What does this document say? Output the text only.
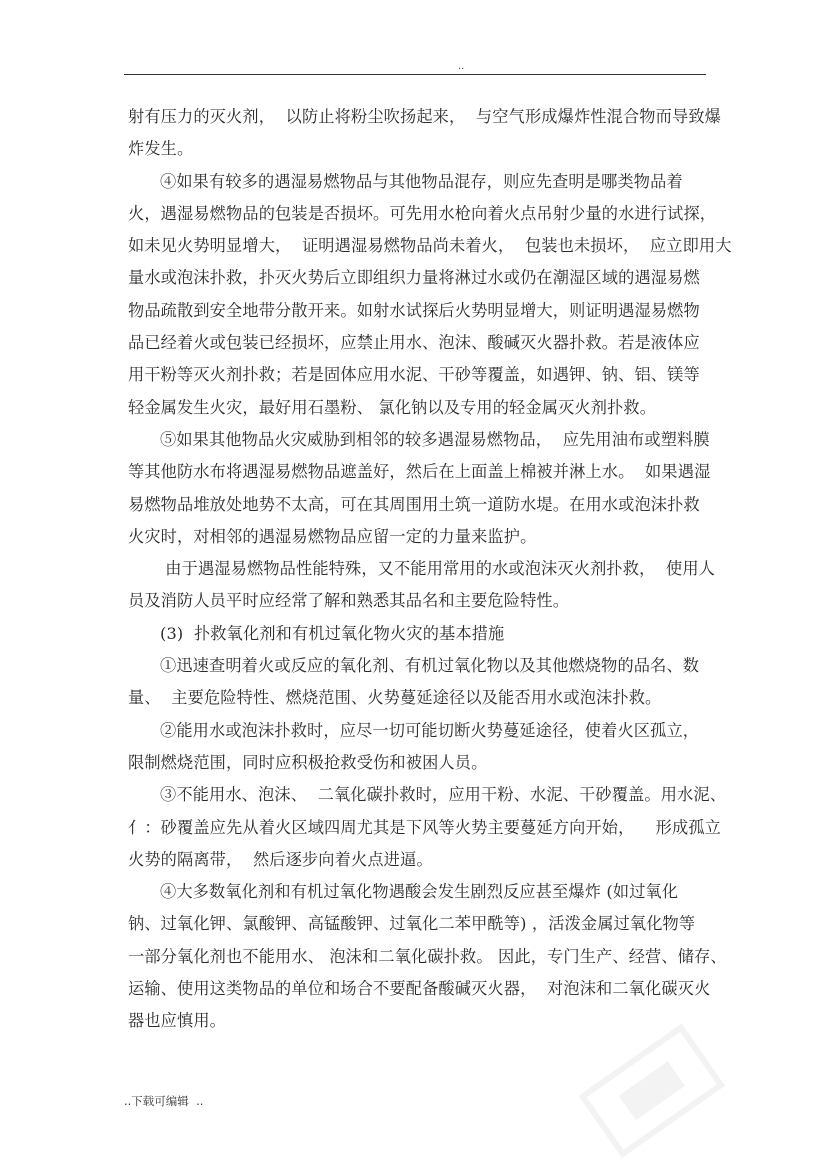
..
射有压力的灭火剂，  以防止将粉尘吹扬起来，  与空气形成爆炸性混合物而导致爆
炸发生。
④如果有较多的遇湿易燃物品与其他物品混存，则应先查明是哪类物品着
火，遇湿易燃物品的包装是否损坏。可先用水枪向着火点吊射少量的水进行试探，
如未见火势明显增大，  证明遇湿易燃物品尚未着火，  包装也未损坏，  应立即用大
量水或泡沫扑救，扑灭火势后立即组织力量将淋过水或仍在潮湿区域的遇湿易燃
物品疏散到安全地带分散开来。如射水试探后火势明显增大，则证明遇湿易燃物
品已经着火或包装已经损坏，应禁止用水、泡沫、酸碱灭火器扑救。若是液体应
用干粉等灭火剂扑救；若是固体应用水泥、干砂等覆盖，如遇钾、钠、铝、镁等
轻金属发生火灾，最好用石墨粉、 氯化钠以及专用的轻金属灭火剂扑救。
⑤如果其他物品火灾威胁到相邻的较多遇湿易燃物品，  应先用油布或塑料膜
等其他防水布将遇湿易燃物品遮盖好，然后在上面盖上棉被并淋上水。  如果遇湿
易燃物品堆放处地势不太高，可在其周围用土筑一道防水堤。在用水或泡沫扑救
火灾时，对相邻的遇湿易燃物品应留一定的力量来监护。
由于遇湿易燃物品性能特殊，又不能用常用的水或泡沫灭火剂扑救，  使用人
员及消防人员平时应经常了解和熟悉其品名和主要危险特性。
(3)  扑救氧化剂和有机过氧化物火灾的基本措施
①迅速查明着火或反应的氧化剂、有机过氧化物以及其他燃烧物的品名、数
量、  主要危险特性、燃烧范围、火势蔓延途径以及能否用水或泡沫扑救。
②能用水或泡沫扑救时，应尽一切可能切断火势蔓延途径，使着火区孤立，
限制燃烧范围，同时应积极抢救受伤和被困人员。
③不能用水、泡沫、  二氧化碳扑救时，应用干粉、水泥、干砂覆盖。用水泥、
亻：砂覆盖应先从着火区域四周尤其是下风等火势主要蔓延方向开始，    形成孤立
火势的隔离带，  然后逐步向着火点进逼。
④大多数氧化剂和有机过氧化物遇酸会发生剧烈反应甚至爆炸 (如过氧化
钠、过氧化钾、氯酸钾、高锰酸钾、过氧化二苯甲酰等) ，活泼金属过氧化物等
一部分氧化剂也不能用水、 泡沫和二氧化碳扑救。 因此，专门生产、经营、储存、
运输、使用这类物品的单位和场合不要配备酸碱灭火器，  对泡沫和二氧化碳灭火
器也应慎用。
..下载可编辑  ..
